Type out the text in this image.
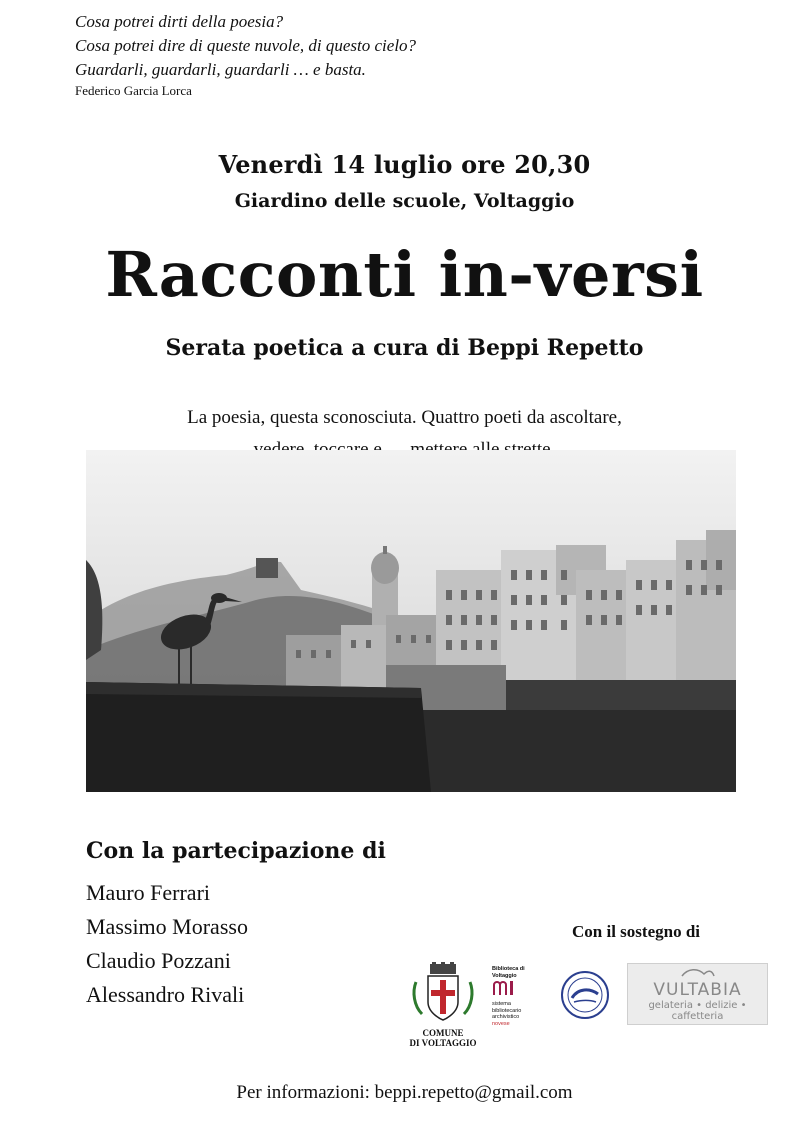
Cosa potrei dirti della poesia?
Cosa potrei dire di queste nuvole, di questo cielo?
Guardarli, guardarli, guardarli … e basta.
Federico Garcia Lorca
Venerdì 14 luglio ore 20,30
Giardino delle scuole, Voltaggio
Racconti in-versi
Serata poetica a cura di Beppi Repetto
La poesia, questa sconosciuta. Quattro poeti da ascoltare,
Con la partecipazione di
Mauro Ferrari
Massimo Morasso
Claudio Pozzani
Alessandro Rivali
Con il sostegno di
COMUNE
DI VOLTAGGIO
Biblioteca di
Voltaggio
sistema
bibliotecario
archivistico
novese
VULTABIA
gelateria • delizie • caffetteria
Per informazioni: beppi.repetto@gmail.com
